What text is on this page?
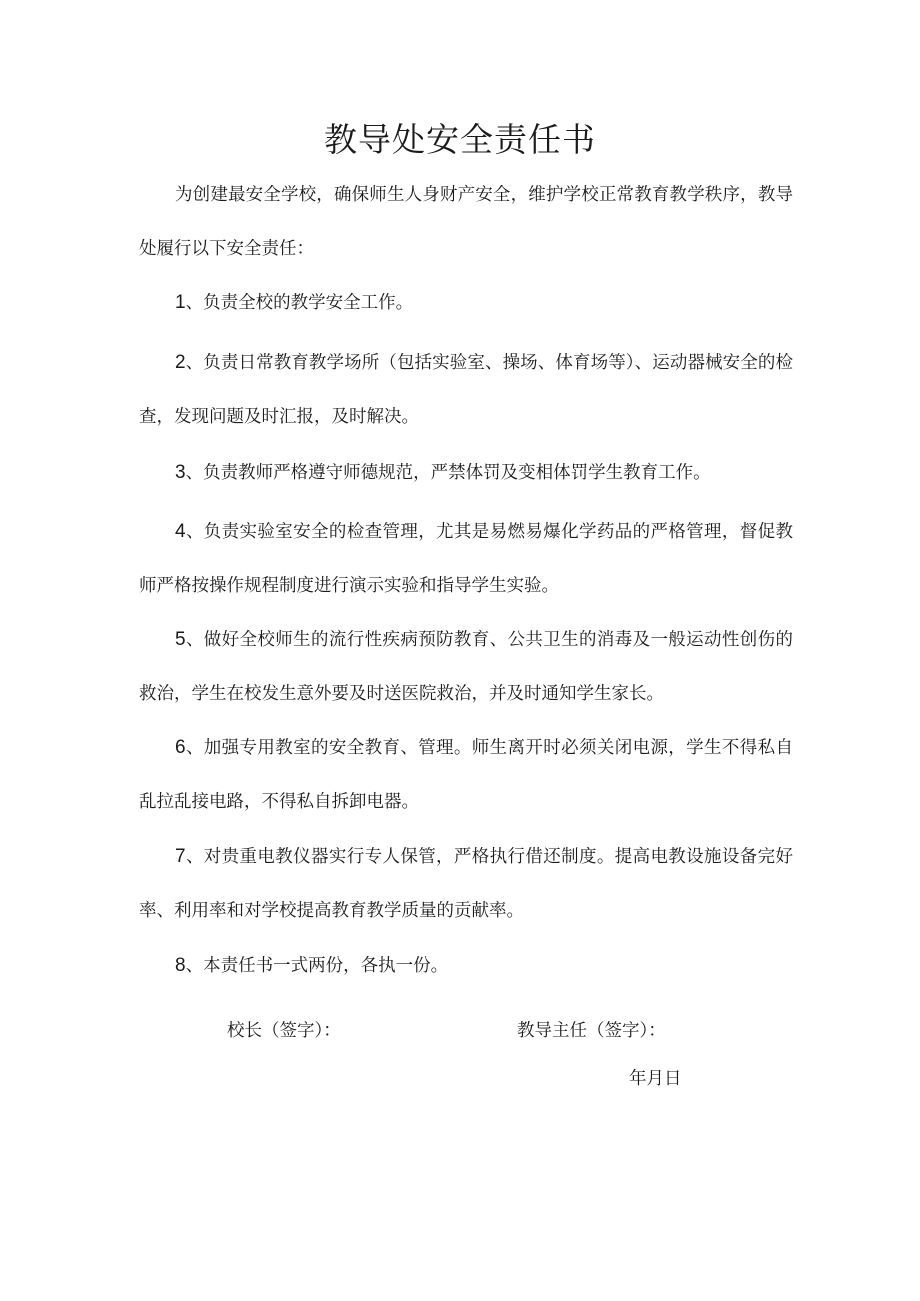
教导处安全责任书

为创建最安全学校，确保师生人身财产安全，维护学校正常教育教学秩序，教导处履行以下安全责任：

1、负责全校的教学安全工作。

2、负责日常教育教学场所（包括实验室、操场、体育场等）、运动器械安全的检查，发现问题及时汇报，及时解决。

3、负责教师严格遵守师德规范，严禁体罚及变相体罚学生教育工作。

4、负责实验室安全的检查管理，尤其是易燃易爆化学药品的严格管理，督促教师严格按操作规程制度进行演示实验和指导学生实验。

5、做好全校师生的流行性疾病预防教育、公共卫生的消毒及一般运动性创伤的救治，学生在校发生意外要及时送医院救治，并及时通知学生家长。

6、加强专用教室的安全教育、管理。师生离开时必须关闭电源，学生不得私自乱拉乱接电路，不得私自拆卸电器。

7、对贵重电教仪器实行专人保管，严格执行借还制度。提高电教设施设备完好率、利用率和对学校提高教育教学质量的贡献率。

8、本责任书一式两份，各执一份。

校长（签字）：	教导主任（签字）：
年月日
